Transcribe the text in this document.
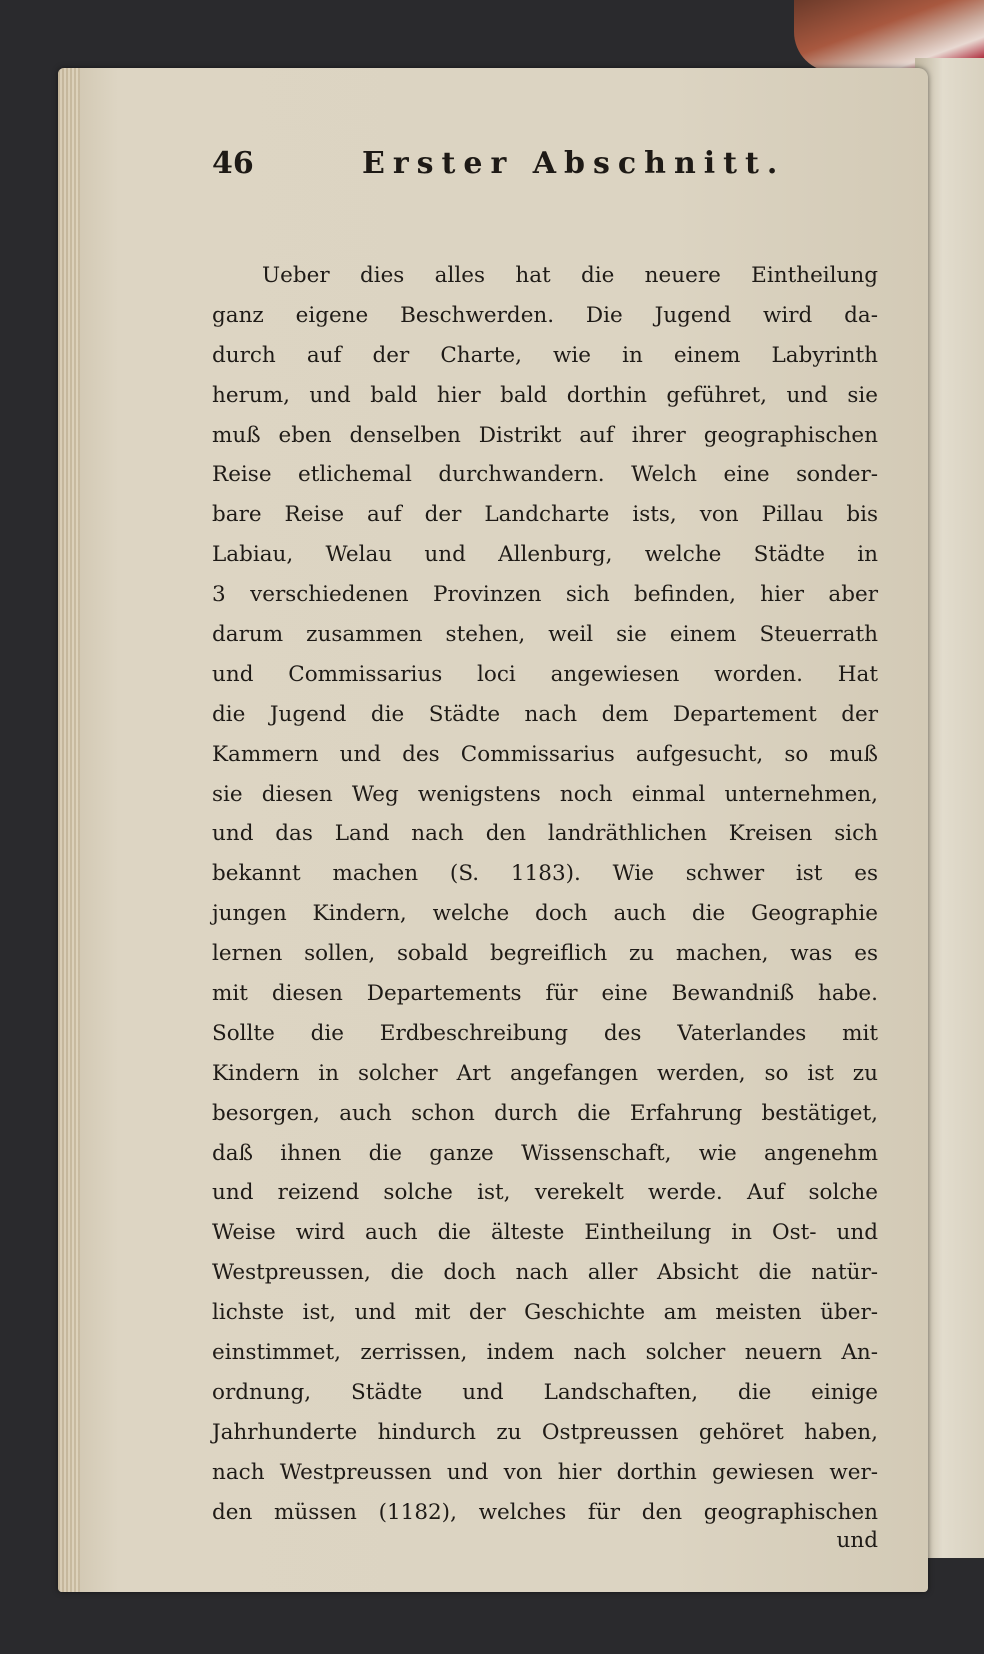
46	Erster Abschnitt.
Ueber dies alles hat die neuere Eintheilung
ganz eigene Beschwerden. Die Jugend wird da-
durch auf der Charte, wie in einem Labyrinth
herum, und bald hier bald dorthin geführet, und sie
muß eben denselben Distrikt auf ihrer geographischen
Reise etlichemal durchwandern. Welch eine sonder-
bare Reise auf der Landcharte ists, von Pillau bis
Labiau, Welau und Allenburg, welche Städte in
3 verschiedenen Provinzen sich befinden, hier aber
darum zusammen stehen, weil sie einem Steuerrath
und Commissarius loci angewiesen worden. Hat
die Jugend die Städte nach dem Departement der
Kammern und des Commissarius aufgesucht, so muß
sie diesen Weg wenigstens noch einmal unternehmen,
und das Land nach den landräthlichen Kreisen sich
bekannt machen (S. 1183). Wie schwer ist es
jungen Kindern, welche doch auch die Geographie
lernen sollen, sobald begreiflich zu machen, was es
mit diesen Departements für eine Bewandniß habe.
Sollte die Erdbeschreibung des Vaterlandes mit
Kindern in solcher Art angefangen werden, so ist zu
besorgen, auch schon durch die Erfahrung bestätiget,
daß ihnen die ganze Wissenschaft, wie angenehm
und reizend solche ist, verekelt werde. Auf solche
Weise wird auch die älteste Eintheilung in Ost- und
Westpreussen, die doch nach aller Absicht die natür-
lichste ist, und mit der Geschichte am meisten über-
einstimmet, zerrissen, indem nach solcher neuern An-
ordnung, Städte und Landschaften, die einige
Jahrhunderte hindurch zu Ostpreussen gehöret haben,
nach Westpreussen und von hier dorthin gewiesen wer-
den müssen (1182), welches für den geographischen
und
